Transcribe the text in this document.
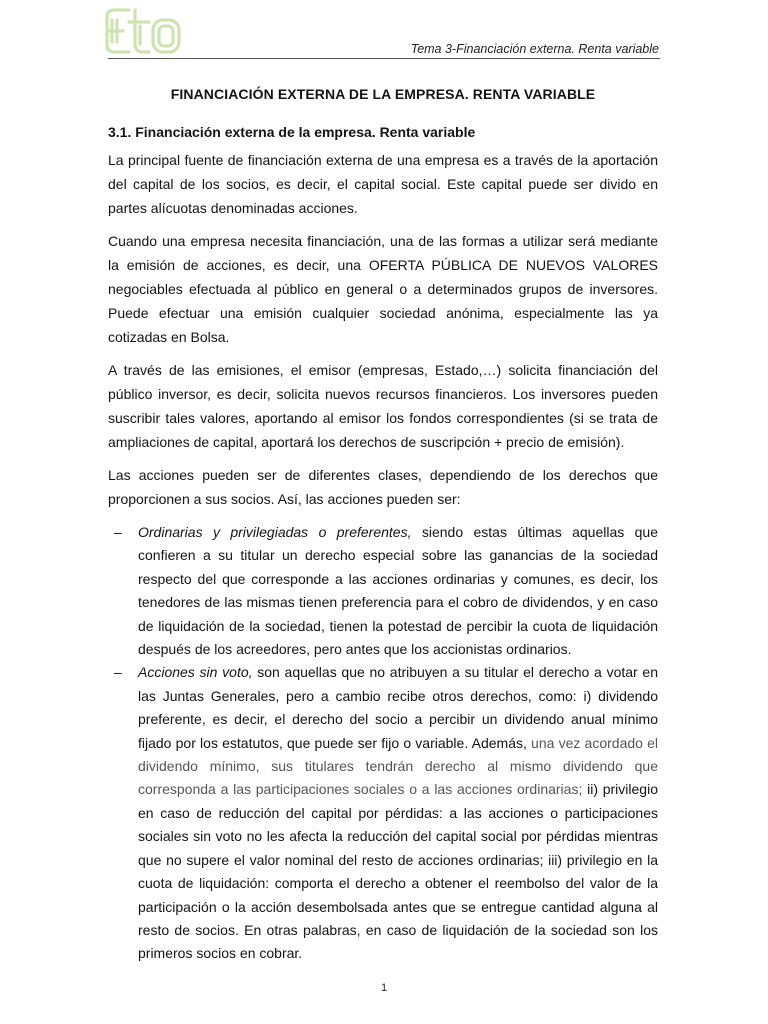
Tema 3-Financiación externa. Renta variable
FINANCIACIÓN EXTERNA DE LA EMPRESA. RENTA VARIABLE
3.1. Financiación externa de la empresa. Renta variable

La principal fuente de financiación externa de una empresa es a través de la aportación del capital de los socios, es decir, el capital social. Este capital puede ser divido en partes alícuotas denominadas acciones.

Cuando una empresa necesita financiación, una de las formas a utilizar será mediante la emisión de acciones, es decir, una OFERTA PÚBLICA DE NUEVOS VALORES negociables efectuada al público en general o a determinados grupos de inversores. Puede efectuar una emisión cualquier sociedad anónima, especialmente las ya cotizadas en Bolsa.

A través de las emisiones, el emisor (empresas, Estado,…) solicita financiación del público inversor, es decir, solicita nuevos recursos financieros. Los inversores pueden suscribir tales valores, aportando al emisor los fondos correspondientes (si se trata de ampliaciones de capital, aportará los derechos de suscripción + precio de emisión).

Las acciones pueden ser de diferentes clases, dependiendo de los derechos que proporcionen a sus socios. Así, las acciones pueden ser:

– Ordinarias y privilegiadas o preferentes, siendo estas últimas aquellas que confieren a su titular un derecho especial sobre las ganancias de la sociedad respecto del que corresponde a las acciones ordinarias y comunes, es decir, los tenedores de las mismas tienen preferencia para el cobro de dividendos, y en caso de liquidación de la sociedad, tienen la potestad de percibir la cuota de liquidación después de los acreedores, pero antes que los accionistas ordinarios.
– Acciones sin voto, son aquellas que no atribuyen a su titular el derecho a votar en las Juntas Generales, pero a cambio recibe otros derechos, como: i) dividendo preferente, es decir, el derecho del socio a percibir un dividendo anual mínimo fijado por los estatutos, que puede ser fijo o variable. Además, una vez acordado el dividendo mínimo, sus titulares tendrán derecho al mismo dividendo que corresponda a las participaciones sociales o a las acciones ordinarias; ii) privilegio en caso de reducción del capital por pérdidas: a las acciones o participaciones sociales sin voto no les afecta la reducción del capital social por pérdidas mientras que no supere el valor nominal del resto de acciones ordinarias; iii) privilegio en la cuota de liquidación: comporta el derecho a obtener el reembolso del valor de la participación o la acción desembolsada antes que se entregue cantidad alguna al resto de socios. En otras palabras, en caso de liquidación de la sociedad son los primeros socios en cobrar.
1
